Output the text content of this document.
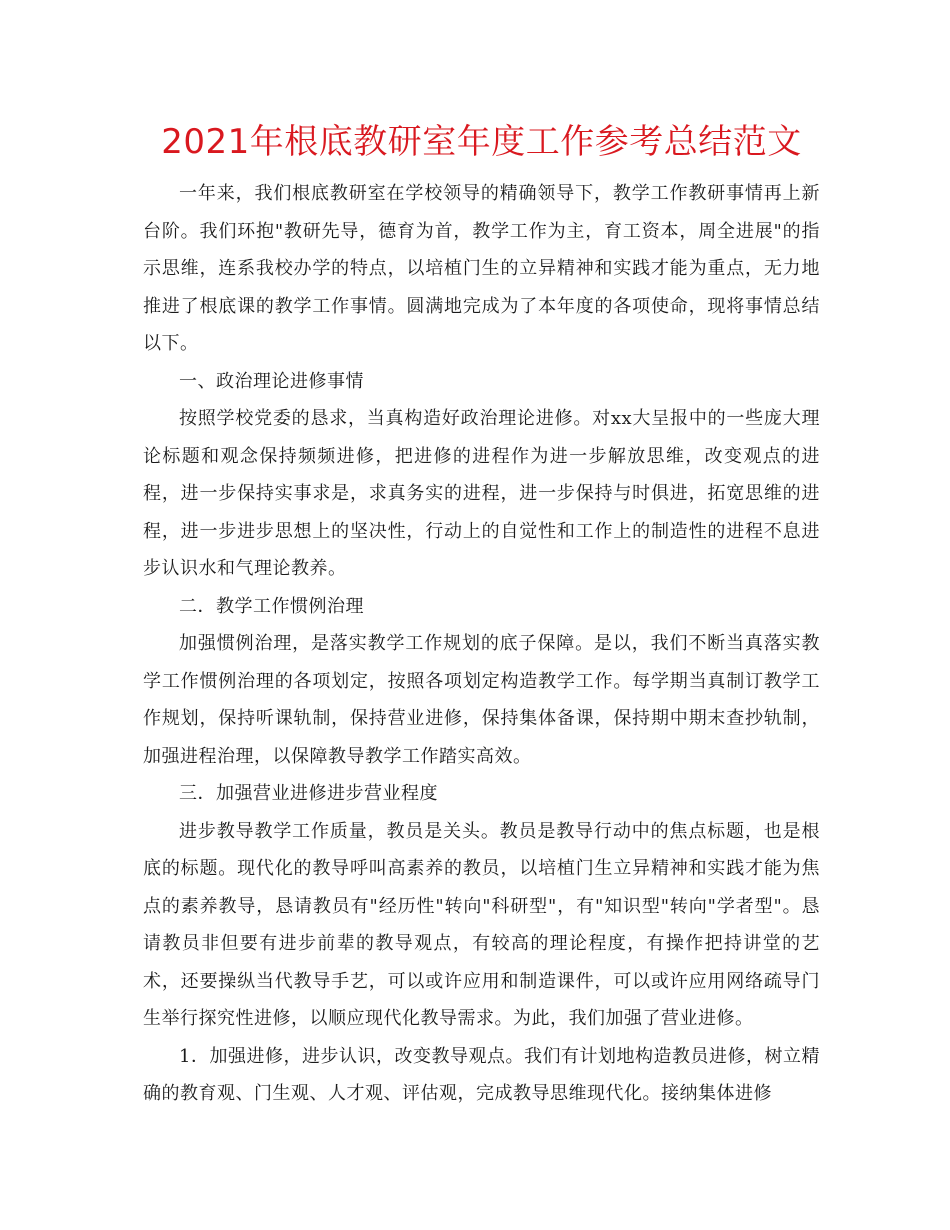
2021年根底教研室年度工作参考总结范文

一年来，我们根底教研室在学校领导的精确领导下，教学工作教研事情再上新台阶。我们环抱"教研先导，德育为首，教学工作为主，育工资本，周全进展"的指示思维，连系我校办学的特点，以培植门生的立异精神和实践才能为重点，无力地推进了根底课的教学工作事情。圆满地完成为了本年度的各项使命，现将事情总结以下。

一、政治理论进修事情

按照学校党委的恳求，当真构造好政治理论进修。对xx大呈报中的一些庞大理论标题和观念保持频频进修，把进修的进程作为进一步解放思维，改变观点的进程，进一步保持实事求是，求真务实的进程，进一步保持与时俱进，拓宽思维的进程，进一步进步思想上的坚决性，行动上的自觉性和工作上的制造性的进程不息进步认识水和气理论教养。

二．教学工作惯例治理

加强惯例治理，是落实教学工作规划的底子保障。是以，我们不断当真落实教学工作惯例治理的各项划定，按照各项划定构造教学工作。每学期当真制订教学工作规划，保持听课轨制，保持营业进修，保持集体备课，保持期中期末查抄轨制，加强进程治理，以保障教导教学工作踏实高效。

三．加强营业进修进步营业程度

进步教导教学工作质量，教员是关头。教员是教导行动中的焦点标题，也是根底的标题。现代化的教导呼叫高素养的教员，以培植门生立异精神和实践才能为焦点的素养教导，恳请教员有"经历性"转向"科研型"，有"知识型"转向"学者型"。恳请教员非但要有进步前辈的教导观点，有较高的理论程度，有操作把持讲堂的艺术，还要操纵当代教导手艺，可以或许应用和制造课件，可以或许应用网络疏导门生举行探究性进修，以顺应现代化教导需求。为此，我们加强了营业进修。

1．加强进修，进步认识，改变教导观点。我们有计划地构造教员进修，树立精确的教育观、门生观、人才观、评估观，完成教导思维现代化。接纳集体进修
